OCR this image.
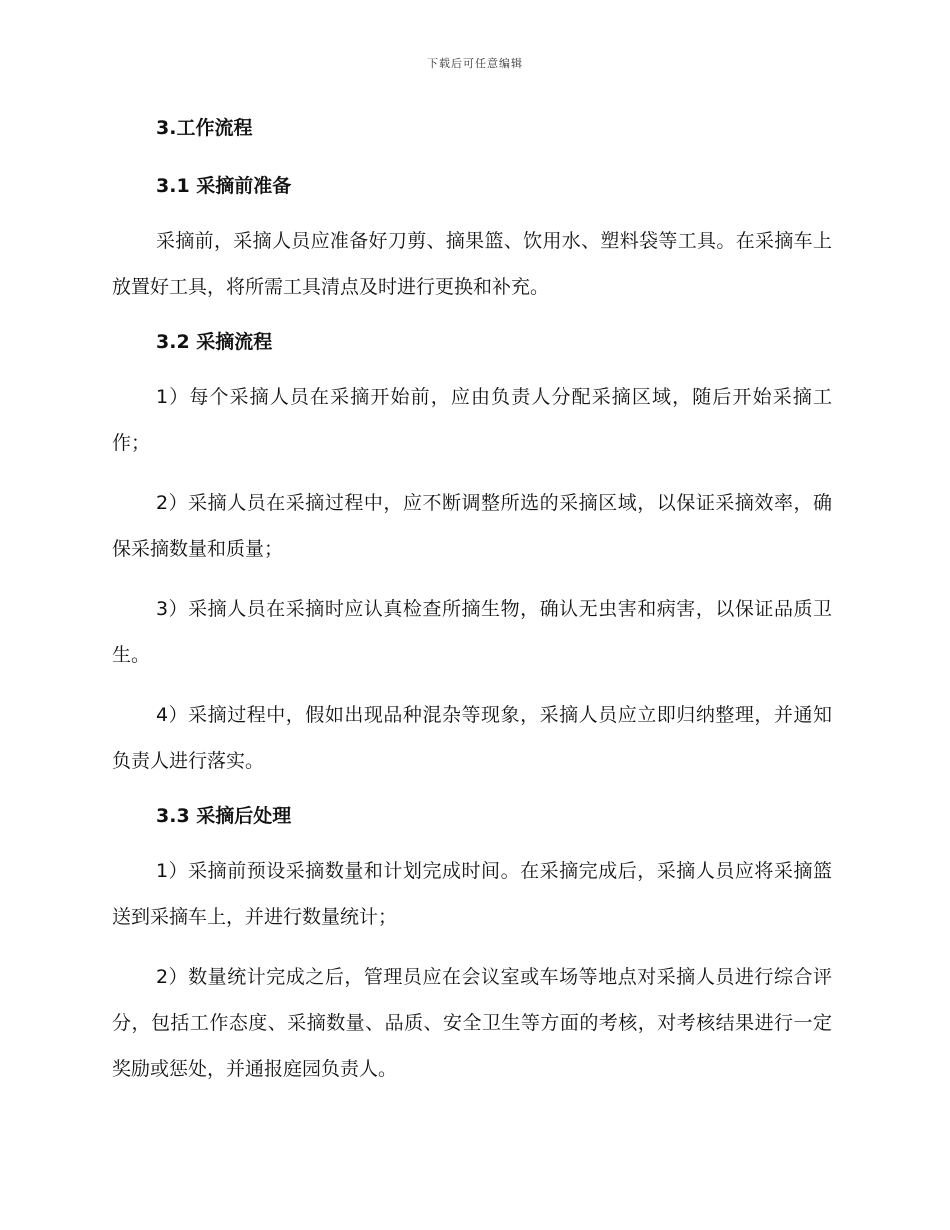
下载后可任意编辑

3.工作流程

3.1 采摘前准备

采摘前，采摘人员应准备好刀剪、摘果篮、饮用水、塑料袋等工具。在采摘车上放置好工具，将所需工具清点及时进行更换和补充。

3.2 采摘流程

1）每个采摘人员在采摘开始前，应由负责人分配采摘区域，随后开始采摘工作；

2）采摘人员在采摘过程中，应不断调整所选的采摘区域，以保证采摘效率，确保采摘数量和质量；

3）采摘人员在采摘时应认真检查所摘生物，确认无虫害和病害，以保证品质卫生。

4）采摘过程中，假如出现品种混杂等现象，采摘人员应立即归纳整理，并通知负责人进行落实。

3.3 采摘后处理

1）采摘前预设采摘数量和计划完成时间。在采摘完成后，采摘人员应将采摘篮送到采摘车上，并进行数量统计；

2）数量统计完成之后，管理员应在会议室或车场等地点对采摘人员进行综合评分，包括工作态度、采摘数量、品质、安全卫生等方面的考核，对考核结果进行一定奖励或惩处，并通报庭园负责人。
